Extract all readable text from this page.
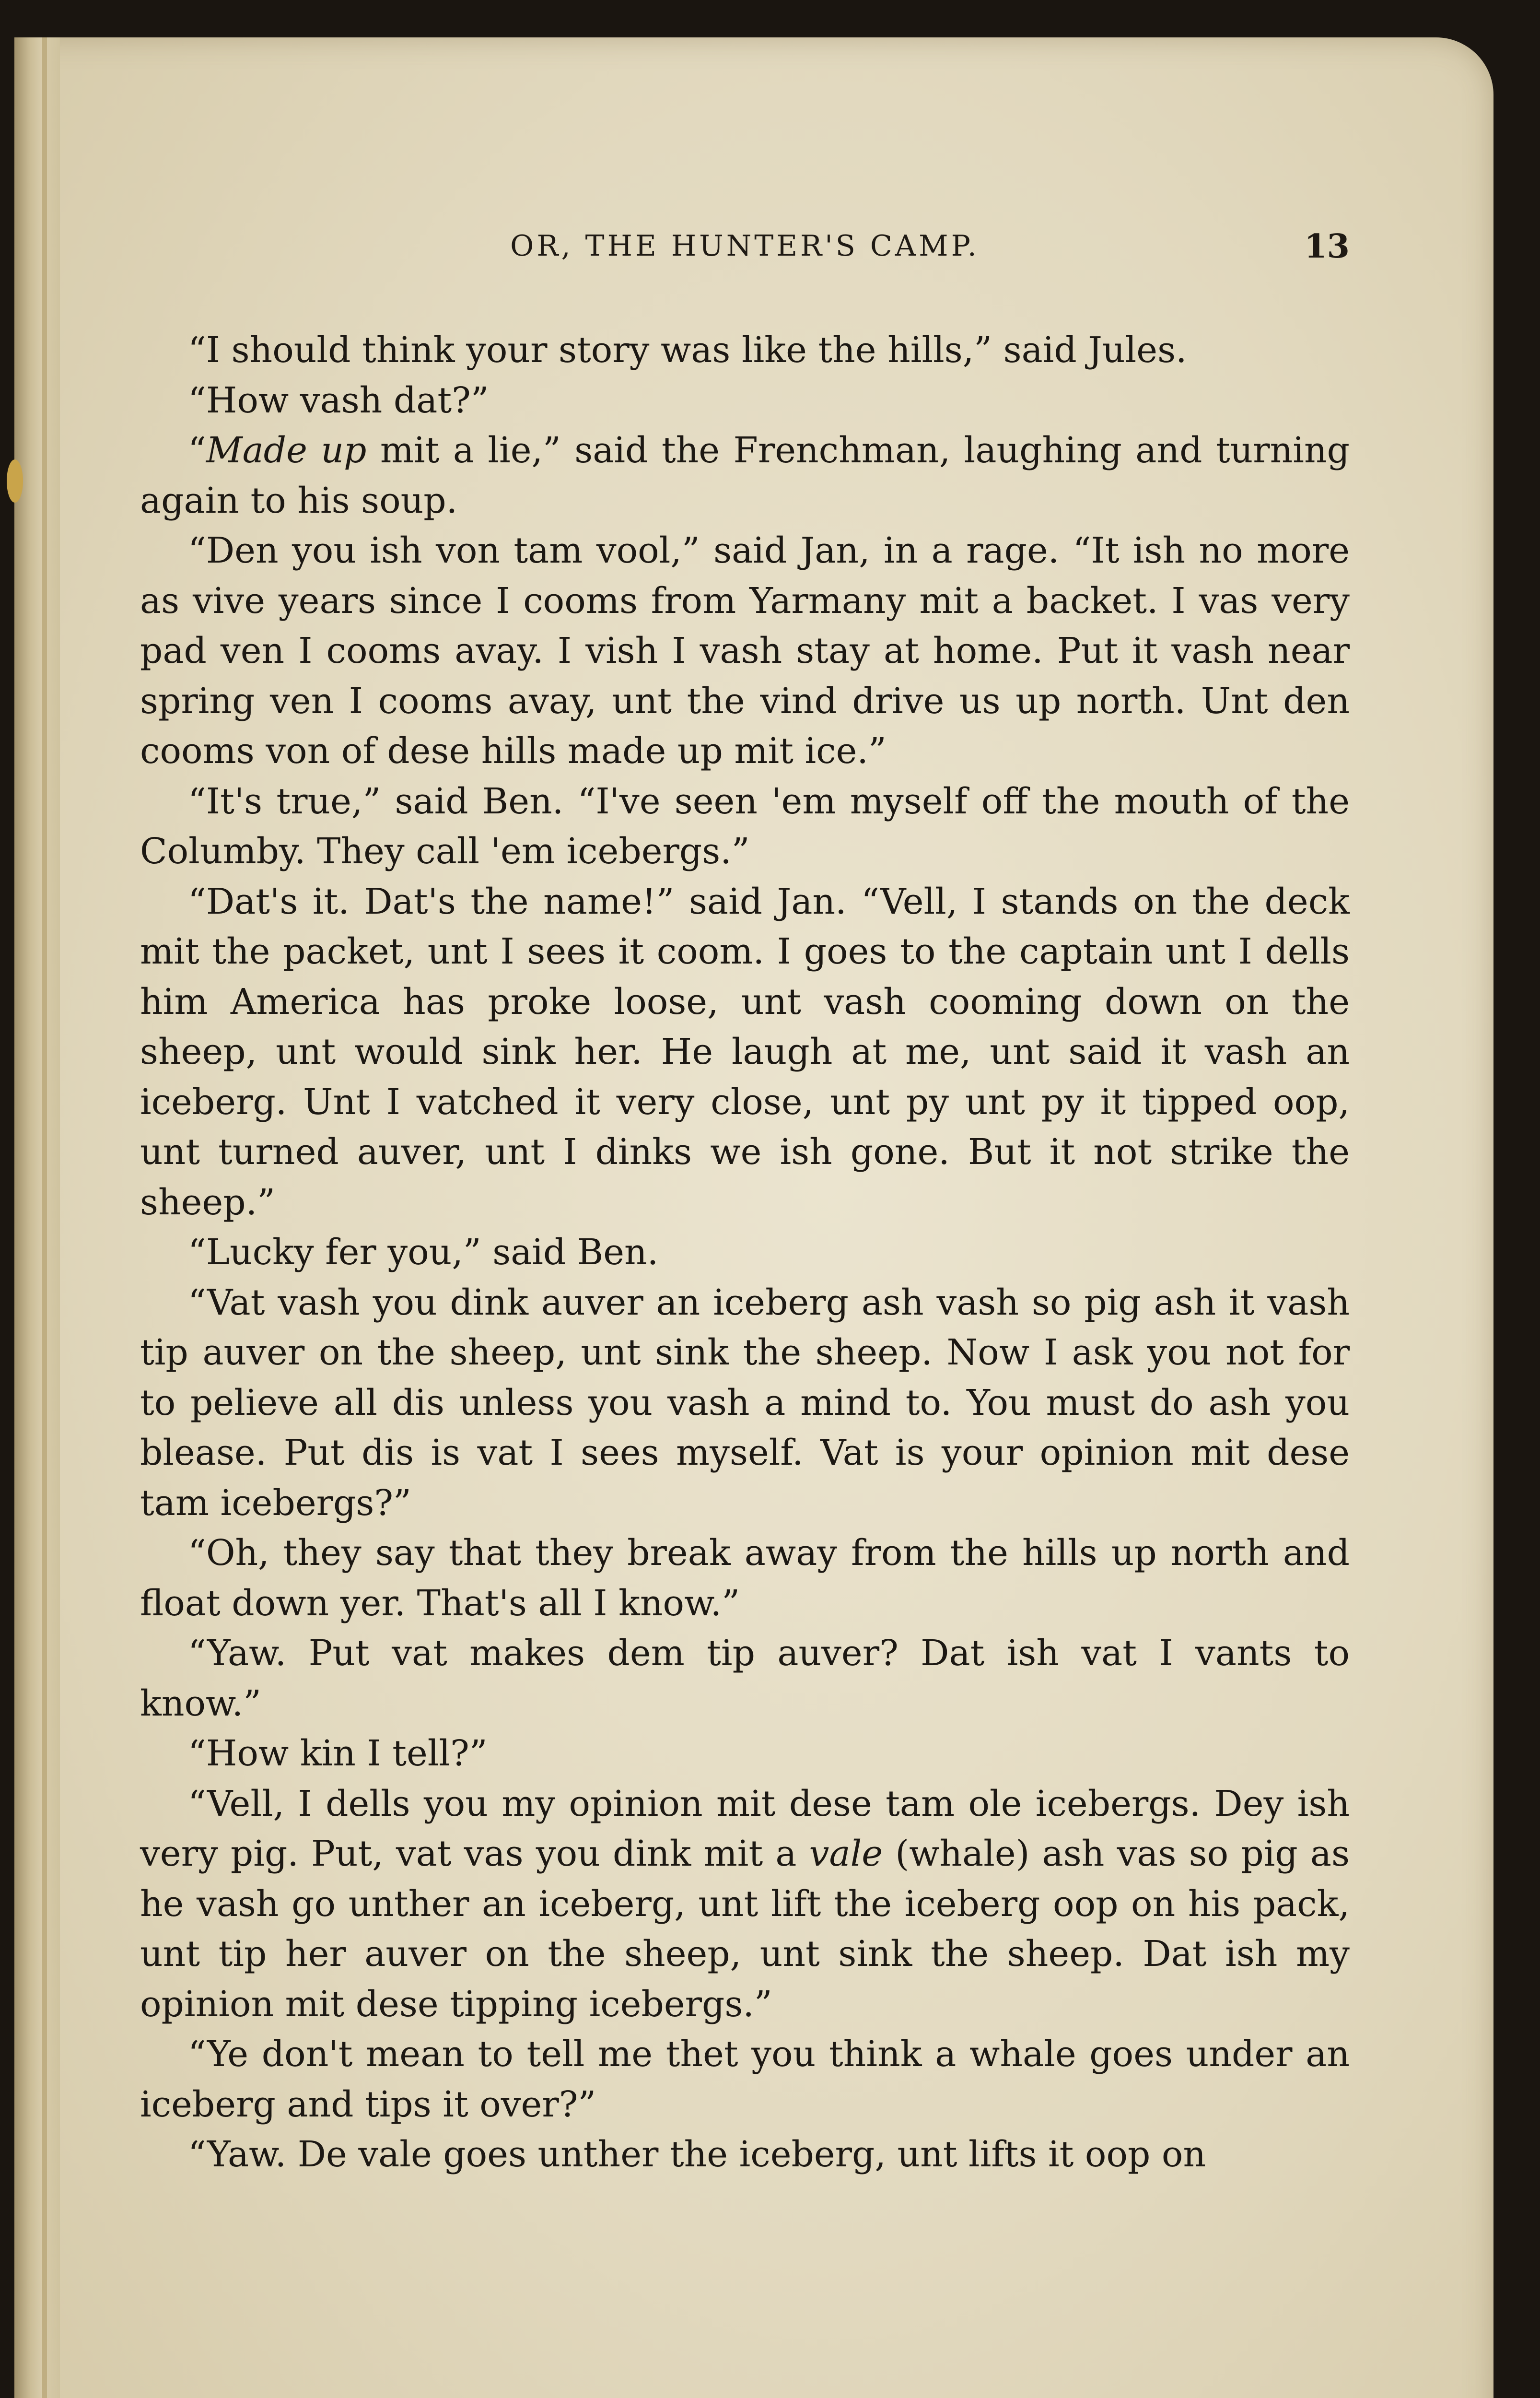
OR, THE HUNTER'S CAMP.	13

“I should think your story was like the hills,” said Jules.

“How vash dat?”

“Made up mit a lie,” said the Frenchman, laughing and turning again to his soup.

“Den you ish von tam vool,” said Jan, in a rage. “It ish no more as vive years since I cooms from Yarmany mit a backet. I vas very pad ven I cooms avay. I vish I vash stay at home. Put it vash near spring ven I cooms avay, unt the vind drive us up north. Unt den cooms von of dese hills made up mit ice.”

“It's true,” said Ben. “I've seen 'em myself off the mouth of the Columby. They call 'em icebergs.”

“Dat's it. Dat's the name!” said Jan. “Vell, I stands on the deck mit the packet, unt I sees it coom. I goes to the captain unt I dells him America has proke loose, unt vash cooming down on the sheep, unt would sink her. He laugh at me, unt said it vash an iceberg. Unt I vatched it very close, unt py unt py it tipped oop, unt turned auver, unt I dinks we ish gone. But it not strike the sheep.”

“Lucky fer you,” said Ben.

“Vat vash you dink auver an iceberg ash vash so pig ash it vash tip auver on the sheep, unt sink the sheep. Now I ask you not for to pelieve all dis unless you vash a mind to. You must do ash you blease. Put dis is vat I sees myself. Vat is your opinion mit dese tam icebergs?”

“Oh, they say that they break away from the hills up north and float down yer. That's all I know.”

“Yaw. Put vat makes dem tip auver? Dat ish vat I vants to know.”

“How kin I tell?”

“Vell, I dells you my opinion mit dese tam ole icebergs. Dey ish very pig. Put, vat vas you dink mit a vale (whale) ash vas so pig as he vash go unther an iceberg, unt lift the iceberg oop on his pack, unt tip her auver on the sheep, unt sink the sheep. Dat ish my opinion mit dese tipping icebergs.”

“Ye don't mean to tell me thet you think a whale goes under an iceberg and tips it over?”

“Yaw. De vale goes unther the iceberg, unt lifts it oop on
